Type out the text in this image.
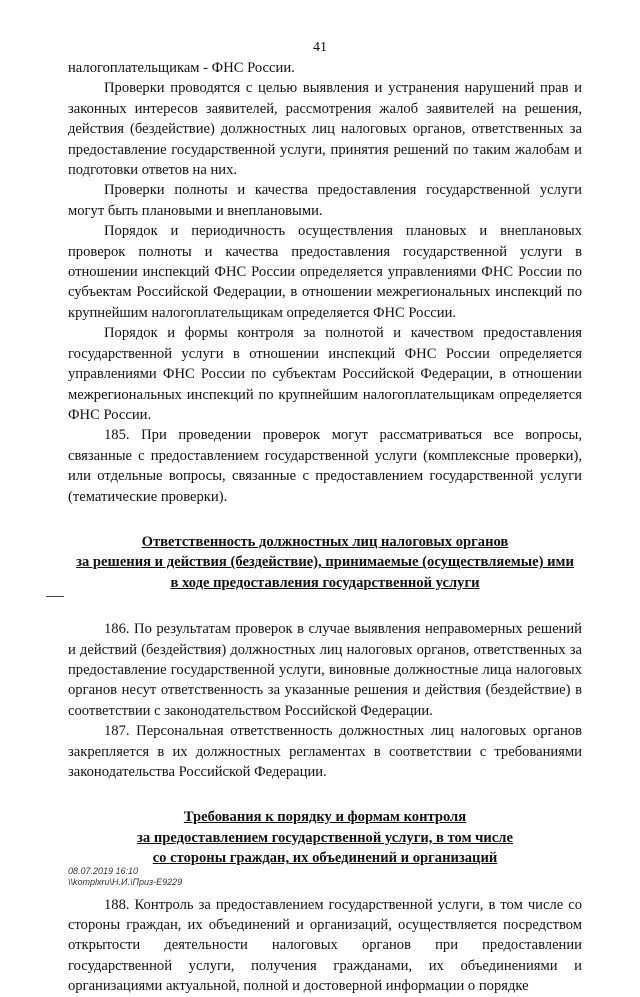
41

налогоплательщикам - ФНС России.

Проверки проводятся с целью выявления и устранения нарушений прав и законных интересов заявителей, рассмотрения жалоб заявителей на решения, действия (бездействие) должностных лиц налоговых органов, ответственных за предоставление государственной услуги, принятия решений по таким жалобам и подготовки ответов на них.

Проверки полноты и качества предоставления государственной услуги могут быть плановыми и внеплановыми.

Порядок и периодичность осуществления плановых и внеплановых проверок полноты и качества предоставления государственной услуги в отношении инспекций ФНС России определяется управлениями ФНС России по субъектам Российской Федерации, в отношении межрегиональных инспекций по крупнейшим налогоплательщикам определяется ФНС России.

Порядок и формы контроля за полнотой и качеством предоставления государственной услуги в отношении инспекций ФНС России определяется управлениями ФНС России по субъектам Российской Федерации, в отношении межрегиональных инспекций по крупнейшим налогоплательщикам определяется ФНС России.

185. При проведении проверок могут рассматриваться все вопросы, связанные с предоставлением государственной услуги (комплексные проверки), или отдельные вопросы, связанные с предоставлением государственной услуги (тематические проверки).

Ответственность должностных лиц налоговых органов
за решения и действия (бездействие), принимаемые (осуществляемые) ими
в ходе предоставления государственной услуги

186. По результатам проверок в случае выявления неправомерных решений и действий (бездействия) должностных лиц налоговых органов, ответственных за предоставление государственной услуги, виновные должностные лица налоговых органов несут ответственность за указанные решения и действия (бездействие) в соответствии с законодательством Российской Федерации.

187. Персональная ответственность должностных лиц налоговых органов закрепляется в их должностных регламентах в соответствии с требованиями законодательства Российской Федерации.

Требования к порядку и формам контроля
за предоставлением государственной услуги, в том числе
со стороны граждан, их объединений и организаций

188. Контроль за предоставлением государственной услуги, в том числе со стороны граждан, их объединений и организаций, осуществляется посредством открытости деятельности налоговых органов при предоставлении государственной услуги, получения гражданами, их объединениями и организациями актуальной, полной и достоверной информации о порядке

08.07.2019 16:10
\\komplxru\Н.И.\Приз-Е9229
